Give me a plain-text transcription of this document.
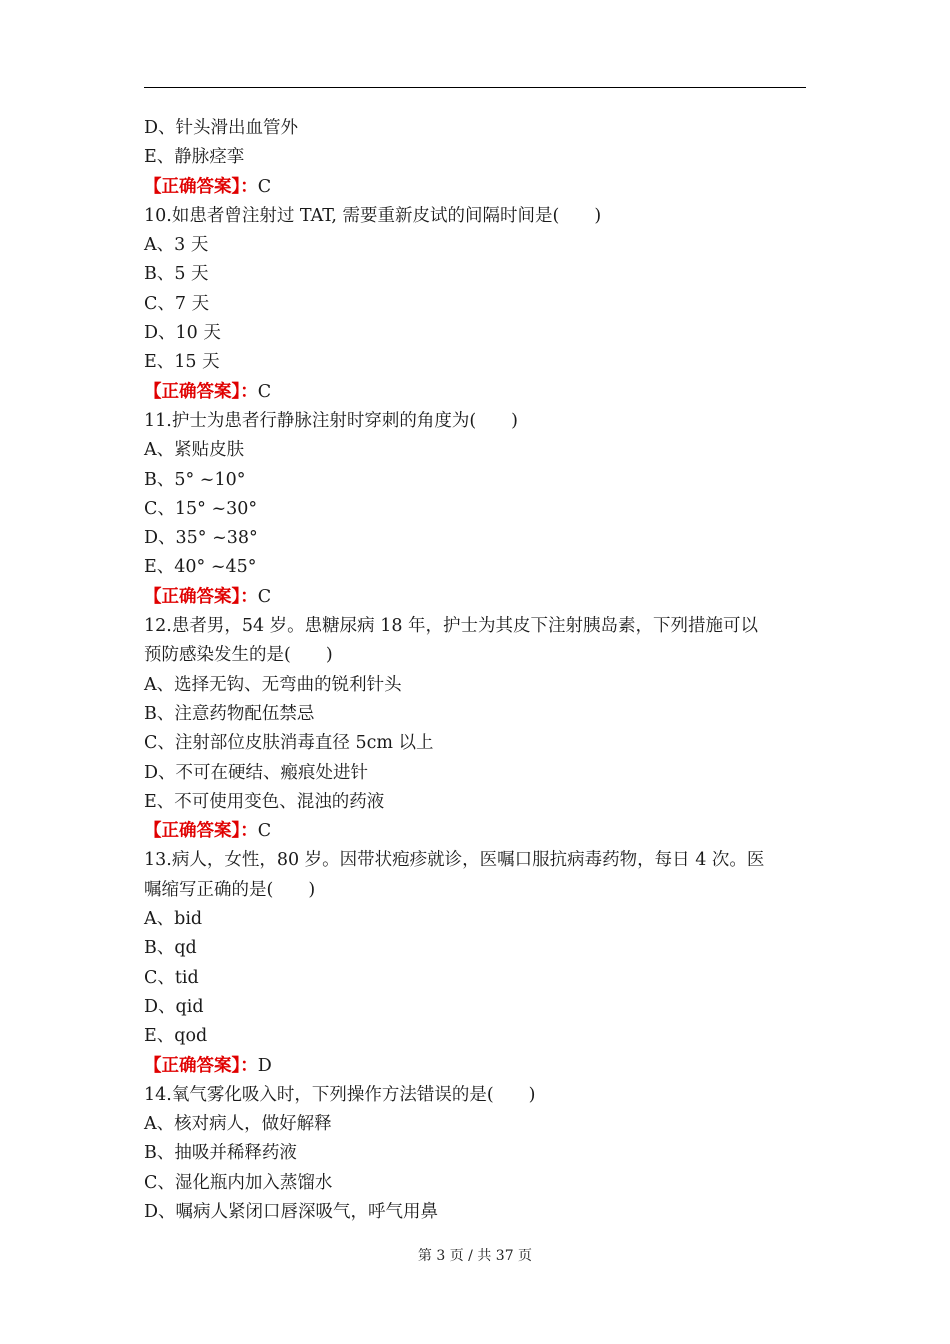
D、针头滑出血管外
E、静脉痉挛
【正确答案】：C
10.如患者曾注射过 TAT, 需要重新皮试的间隔时间是(　　)
A、3 天
B、5 天
C、7 天
D、10 天
E、15 天
【正确答案】：C
11.护士为患者行静脉注射时穿刺的角度为(　　)
A、紧贴皮肤
B、5° ~10°
C、15° ~30°
D、35° ~38°
E、40° ~45°
【正确答案】：C
12.患者男，54 岁。患糖尿病 18 年，护士为其皮下注射胰岛素，下列措施可以
预防感染发生的是(　　)
A、选择无钩、无弯曲的锐利针头
B、注意药物配伍禁忌
C、注射部位皮肤消毒直径 5cm 以上
D、不可在硬结、瘢痕处进针
E、不可使用变色、混浊的药液
【正确答案】：C
13.病人，女性，80 岁。因带状疱疹就诊，医嘱口服抗病毒药物，每日 4 次。医
嘱缩写正确的是(　　)
A、bid
B、qd
C、tid
D、qid
E、qod
【正确答案】：D
14.氧气雾化吸入时，下列操作方法错误的是(　　)
A、核对病人，做好解释
B、抽吸并稀释药液
C、湿化瓶内加入蒸馏水
D、嘱病人紧闭口唇深吸气，呼气用鼻
第 3 页 / 共 37 页
